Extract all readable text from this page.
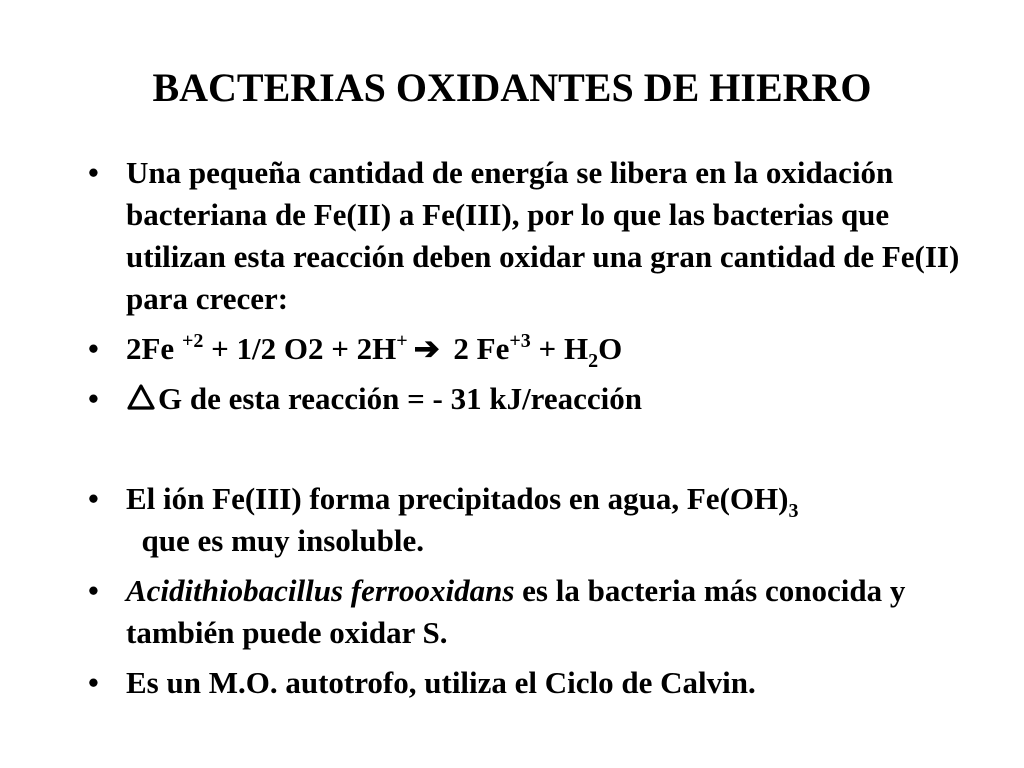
BACTERIAS OXIDANTES DE HIERRO
• Una pequeña cantidad de energía se libera en la oxidación bacteriana de Fe(II) a Fe(III), por lo que las bacterias que utilizan esta reacción deben oxidar una gran cantidad de Fe(II) para crecer:
• 2Fe $^{+2}$ + 1/2 O2 + 2H+ ➔ 2 $Fe^{+3} + H_2O$
•	G de esta reacción = - 31 kJ/reacción
• El ión Fe(III) forma precipitados en agua, $Fe(OH)_3$  que es muy insoluble.
• Acidithiobacillus ferrooxidans es la bacteria más conocida y también puede oxidar S.
• Es un M.O. autotrofo, utiliza el Ciclo de Calvin.
